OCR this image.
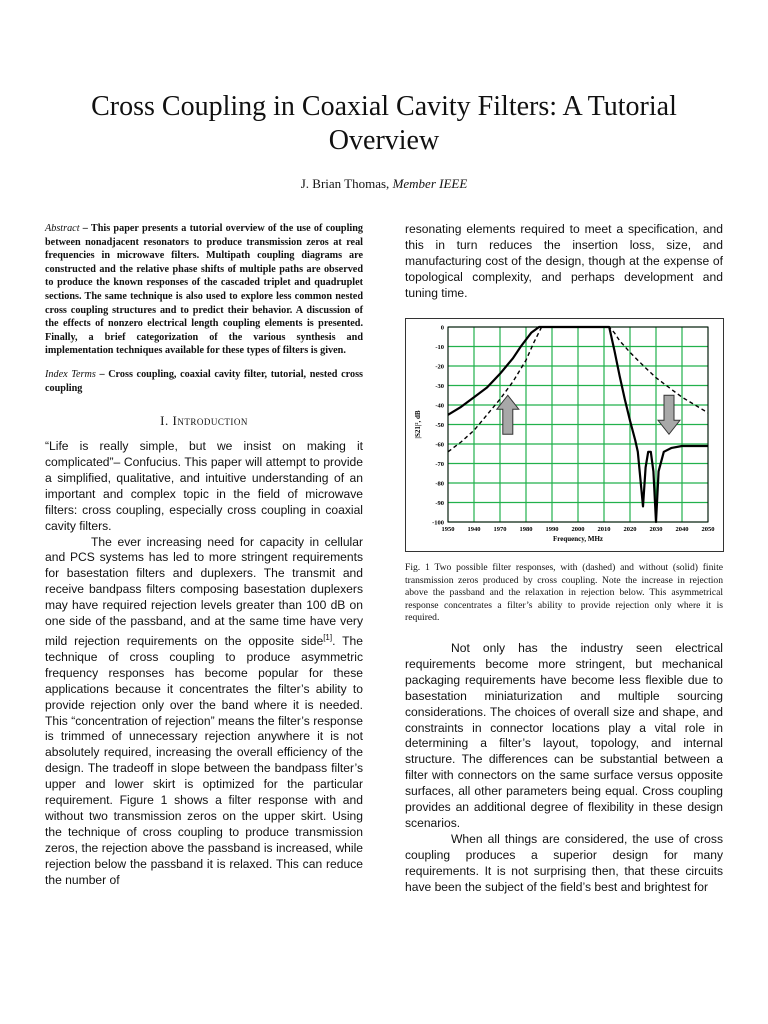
Cross Coupling in Coaxial Cavity Filters: A Tutorial Overview
J. Brian Thomas, Member IEEE

Abstract – This paper presents a tutorial overview of the use of coupling between nonadjacent resonators to produce transmission zeros at real frequencies in microwave filters. Multipath coupling diagrams are constructed and the relative phase shifts of multiple paths are observed to produce the known responses of the cascaded triplet and quadruplet sections. The same technique is also used to explore less common nested cross coupling structures and to predict their behavior. A discussion of the effects of nonzero electrical length coupling elements is presented. Finally, a brief categorization of the various synthesis and implementation techniques available for these types of filters is given.

Index Terms – Cross coupling, coaxial cavity filter, tutorial, nested cross coupling

I. Introduction

“Life is really simple, but we insist on making it complicated”– Confucius. This paper will attempt to provide a simplified, qualitative, and intuitive understanding of an important and complex topic in the field of microwave filters: cross coupling, especially cross coupling in coaxial cavity filters.

The ever increasing need for capacity in cellular and PCS systems has led to more stringent requirements for basestation filters and duplexers. The transmit and receive bandpass filters composing basestation duplexers may have required rejection levels greater than 100 dB on one side of the passband, and at the same time have very mild rejection requirements on the opposite side[1]. The technique of cross coupling to produce asymmetric frequency responses has become popular for these applications because it concentrates the filter’s ability to provide rejection only over the band where it is needed. This “concentration of rejection” means the filter’s response is trimmed of unnecessary rejection anywhere it is not absolutely required, increasing the overall efficiency of the design. The tradeoff in slope between the bandpass filter’s upper and lower skirt is optimized for the particular requirement. Figure 1 shows a filter response with and without two transmission zeros on the upper skirt. Using the technique of cross coupling to produce transmission zeros, the rejection above the passband is increased, while rejection below the passband it is relaxed. This can reduce the number of

resonating elements required to meet a specification, and this in turn reduces the insertion loss, size, and manufacturing cost of the design, though at the expense of topological complexity, and perhaps development and tuning time.

1950 1940 1970 1980 1990 2000 2010 2020 2030 2040 2050
0
-10
-20
-30
-40
-50
-60
-70
-80
-90
-100
Frequency, MHz
|S21|², dB

Fig. 1 Two possible filter responses, with (dashed) and without (solid) finite transmission zeros produced by cross coupling. Note the increase in rejection above the passband and the relaxation in rejection below. This asymmetrical response concentrates a filter’s ability to provide rejection only where it is required.

Not only has the industry seen electrical requirements become more stringent, but mechanical packaging requirements have become less flexible due to basestation miniaturization and multiple sourcing considerations. The choices of overall size and shape, and constraints in connector locations play a vital role in determining a filter’s layout, topology, and internal structure. The differences can be substantial between a filter with connectors on the same surface versus opposite surfaces, all other parameters being equal. Cross coupling provides an additional degree of flexibility in these design scenarios.

When all things are considered, the use of cross coupling produces a superior design for many requirements. It is not surprising then, that these circuits have been the subject of the field’s best and brightest for
